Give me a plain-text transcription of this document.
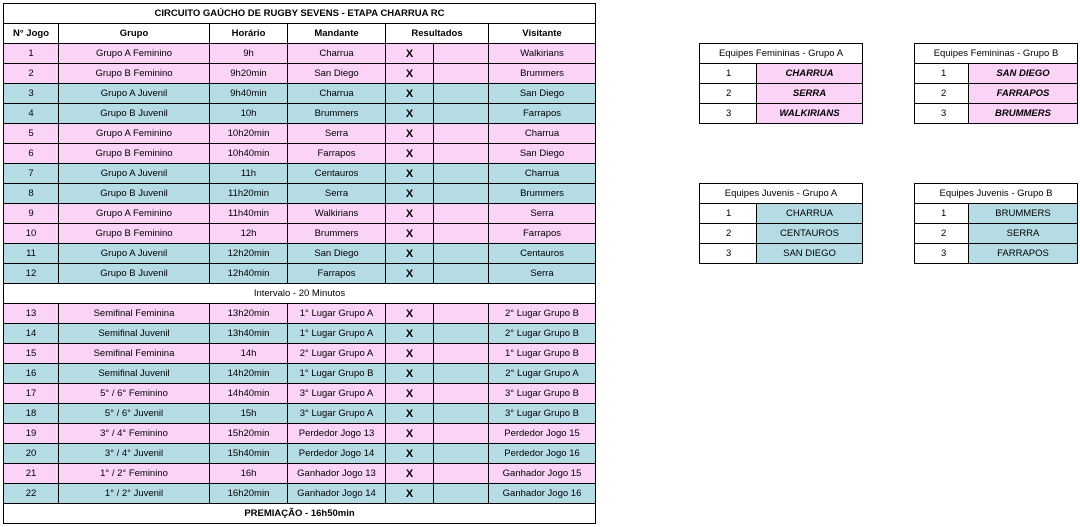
CIRCUITO GAÚCHO DE RUGBY SEVENS - ETAPA CHARRUA RC						
N° Jogo	Grupo	Horário	Mandante	Resultados		Visitante
1	Grupo A Feminino	9h	Charrua	X		Walkirians
2	Grupo B Feminino	9h20min	San Diego	X		Brummers
3	Grupo A Juvenil	9h40min	Charrua	X		San Diego
4	Grupo B Juvenil	10h	Brummers	X		Farrapos
5	Grupo A Feminino	10h20min	Serra	X		Charrua
6	Grupo B Feminino	10h40min	Farrapos	X		San Diego
7	Grupo A Juvenil	11h	Centauros	X		Charrua
8	Grupo B Juvenil	11h20min	Serra	X		Brummers
9	Grupo A Feminino	11h40min	Walkirians	X		Serra
10	Grupo B Feminino	12h	Brummers	X		Farrapos
11	Grupo A Juvenil	12h20min	San Diego	X		Centauros
12	Grupo B Juvenil	12h40min	Farrapos	X		Serra
Intervalo - 20 Minutos						
13	Semifinal Feminina	13h20min	1° Lugar Grupo A	X		2° Lugar Grupo B
14	Semifinal Juvenil	13h40min	1° Lugar Grupo A	X		2° Lugar Grupo B
15	Semifinal Feminina	14h	2° Lugar Grupo A	X		1° Lugar Grupo B
16	Semifinal Juvenil	14h20min	1° Lugar Grupo B	X		2° Lugar Grupo A
17	5° / 6° Feminino	14h40min	3° Lugar Grupo A	X		3° Lugar Grupo B
18	5° / 6° Juvenil	15h	3° Lugar Grupo A	X		3° Lugar Grupo B
19	3° / 4° Feminino	15h20min	Perdedor Jogo 13	X		Perdedor Jogo 15
20	3° / 4° Juvenil	15h40min	Perdedor Jogo 14	X		Perdedor Jogo 16
21	1° / 2° Feminino	16h	Ganhador Jogo 13	X		Ganhador Jogo 15
22	1° / 2° Juvenil	16h20min	Ganhador Jogo 14	X		Ganhador Jogo 16
PREMIAÇÃO - 16h50min						
Equipes Femininas - Grupo A	
1	CHARRUA
2	SERRA
3	WALKIRIANS
Equipes Femininas - Grupo B	
1	SAN DIEGO
2	FARRAPOS
3	BRUMMERS
Equipes Juvenis - Grupo A	
1	CHARRUA
2	CENTAUROS
3	SAN DIEGO
Equipes Juvenis - Grupo B	
1	BRUMMERS
2	SERRA
3	FARRAPOS
